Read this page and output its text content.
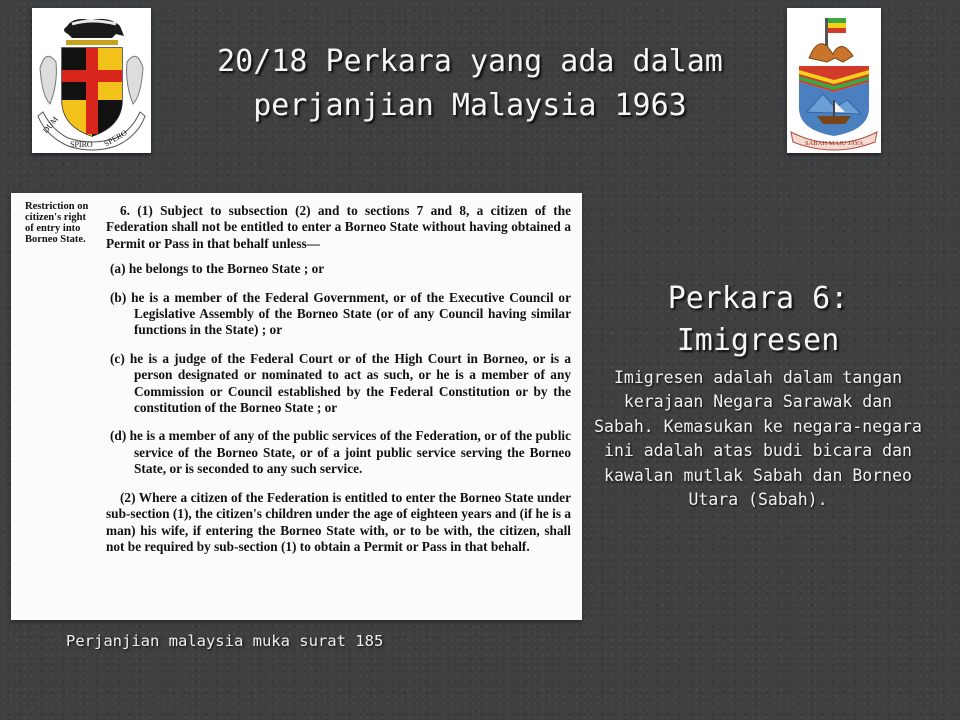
DUM
SPIRO SPERO
20/18 Perkara yang ada dalam perjanjian Malaysia 1963
SABAH MAJU JAYA
Restriction on citizen's right of entry into Borneo State.

6. (1) Subject to subsection (2) and to sections 7 and 8, a citizen of the Federation shall not be entitled to enter a Borneo State without having obtained a Permit or Pass in that behalf unless—

(a) he belongs to the Borneo State ; or

(b) he is a member of the Federal Government, or of the Executive Council or Legislative Assembly of the Borneo State (or of any Council having similar functions in the State) ; or

(c) he is a judge of the Federal Court or of the High Court in Borneo, or is a person designated or nominated to act as such, or he is a member of any Commission or Council established by the Federal Constitution or by the constitution of the Borneo State ; or

(d) he is a member of any of the public services of the Federation, or of the public service of the Borneo State, or of a joint public service serving the Borneo State, or is seconded to any such service.

(2) Where a citizen of the Federation is entitled to enter the Borneo State under sub-section (1), the citizen's children under the age of eighteen years and (if he is a man) his wife, if entering the Borneo State with, or to be with, the citizen, shall not be required by sub-section (1) to obtain a Permit or Pass in that behalf.

Perjanjian malaysia muka surat 185
Perkara 6: Imigresen

Imigresen adalah dalam tangan kerajaan Negara Sarawak dan Sabah. Kemasukan ke negara-negara ini adalah atas budi bicara dan kawalan mutlak Sabah dan Borneo Utara (Sabah).
